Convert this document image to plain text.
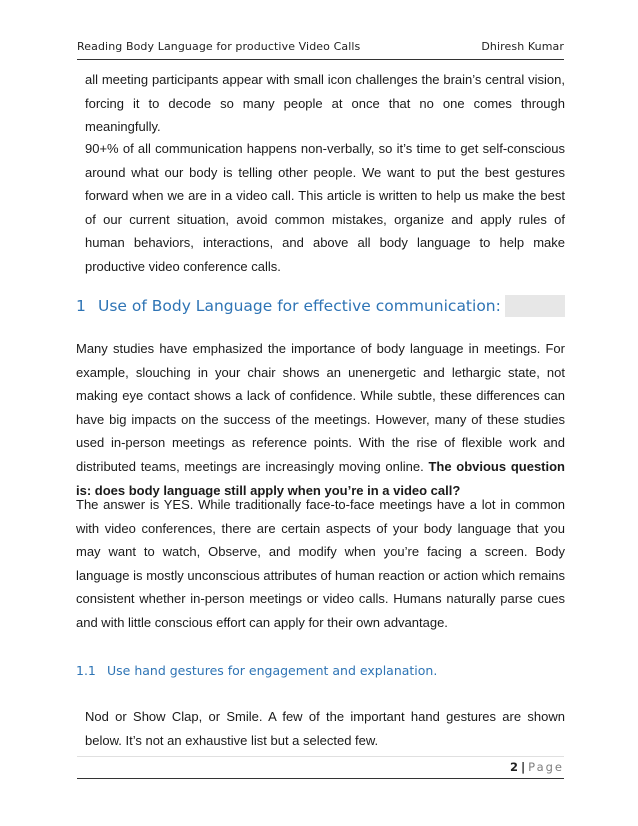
Reading Body Language for productive Video Calls	Dhiresh Kumar

all meeting participants appear with small icon challenges the brain’s central vision, forcing it to decode so many people at once that no one comes through meaningfully.

90+% of all communication happens non-verbally, so it’s time to get self-conscious around what our body is telling other people. We want to put the best gestures forward when we are in a video call. This article is written to help us make the best of our current situation, avoid common mistakes, organize and apply rules of human behaviors, interactions, and above all body language to help make productive video conference calls.

1 Use of Body Language for effective communication:

Many studies have emphasized the importance of body language in meetings. For example, slouching in your chair shows an unenergetic and lethargic state, not making eye contact shows a lack of confidence. While subtle, these differences can have big impacts on the success of the meetings. However, many of these studies used in-person meetings as reference points. With the rise of flexible work and distributed teams, meetings are increasingly moving online. The obvious question is: does body language still apply when you’re in a video call?

The answer is YES. While traditionally face-to-face meetings have a lot in common with video conferences, there are certain aspects of your body language that you may want to watch, Observe, and modify when you’re facing a screen. Body language is mostly unconscious attributes of human reaction or action which remains consistent whether in-person meetings or video calls. Humans naturally parse cues and with little conscious effort can apply for their own advantage.

1.1 Use hand gestures for engagement and explanation.

Nod or Show Clap, or Smile. A few of the important hand gestures are shown below. It’s not an exhaustive list but a selected few.

2 | Page
